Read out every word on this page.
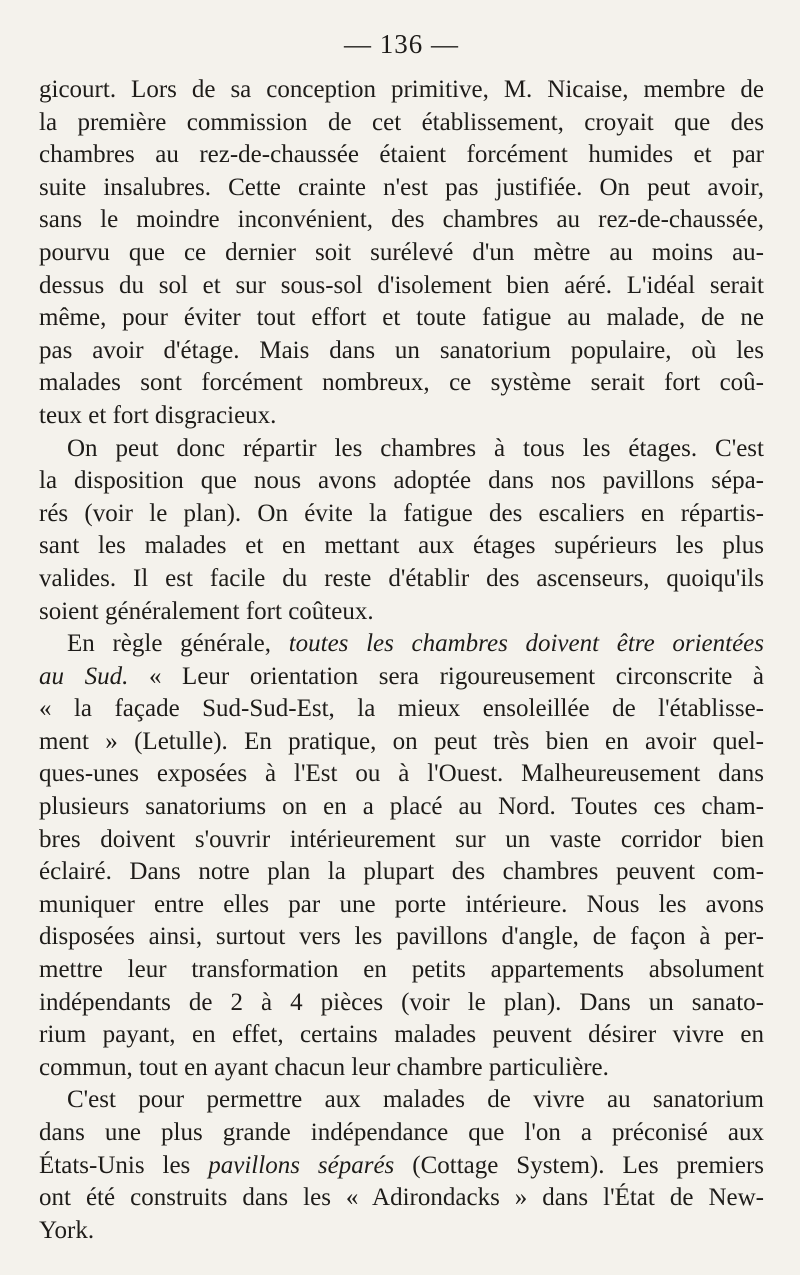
— 136 —
gicourt. Lors de sa conception primitive, M. Nicaise, membre de
la première commission de cet établissement, croyait que des
chambres au rez-de-chaussée étaient forcément humides et par
suite insalubres. Cette crainte n'est pas justifiée. On peut avoir,
sans le moindre inconvénient, des chambres au rez-de-chaussée,
pourvu que ce dernier soit surélevé d'un mètre au moins au-
dessus du sol et sur sous-sol d'isolement bien aéré. L'idéal serait
même, pour éviter tout effort et toute fatigue au malade, de ne
pas avoir d'étage. Mais dans un sanatorium populaire, où les
malades sont forcément nombreux, ce système serait fort coû-
teux et fort disgracieux.
On peut donc répartir les chambres à tous les étages. C'est
la disposition que nous avons adoptée dans nos pavillons sépa-
rés (voir le plan). On évite la fatigue des escaliers en répartis-
sant les malades et en mettant aux étages supérieurs les plus
valides. Il est facile du reste d'établir des ascenseurs, quoiqu'ils
soient généralement fort coûteux.
En règle générale, toutes les chambres doivent être orientées
au Sud. « Leur orientation sera rigoureusement circonscrite à
« la façade Sud-Sud-Est, la mieux ensoleillée de l'établisse-
ment » (Letulle). En pratique, on peut très bien en avoir quel-
ques-unes exposées à l'Est ou à l'Ouest. Malheureusement dans
plusieurs sanatoriums on en a placé au Nord. Toutes ces cham-
bres doivent s'ouvrir intérieurement sur un vaste corridor bien
éclairé. Dans notre plan la plupart des chambres peuvent com-
muniquer entre elles par une porte intérieure. Nous les avons
disposées ainsi, surtout vers les pavillons d'angle, de façon à per-
mettre leur transformation en petits appartements absolument
indépendants de 2 à 4 pièces (voir le plan). Dans un sanato-
rium payant, en effet, certains malades peuvent désirer vivre en
commun, tout en ayant chacun leur chambre particulière.
C'est pour permettre aux malades de vivre au sanatorium
dans une plus grande indépendance que l'on a préconisé aux
États-Unis les pavillons séparés (Cottage System). Les premiers
ont été construits dans les « Adirondacks » dans l'État de New-
York.
